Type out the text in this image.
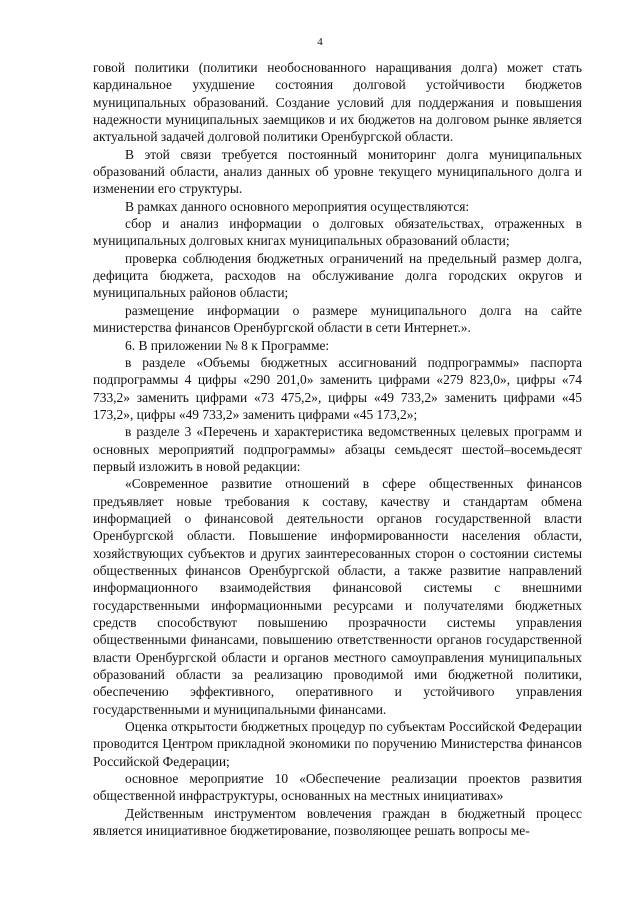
4

говой политики (политики необоснованного наращивания долга) может стать кардинальное ухудшение состояния долговой устойчивости бюджетов муниципальных образований. Создание условий для поддержания и повышения надежности муниципальных заемщиков и их бюджетов на долговом рынке является актуальной задачей долговой политики Оренбургской области.

В этой связи требуется постоянный мониторинг долга муниципальных образований области, анализ данных об уровне текущего муниципального долга и изменении его структуры.

В рамках данного основного мероприятия осуществляются:

сбор и анализ информации о долговых обязательствах, отраженных в муниципальных долговых книгах муниципальных образований области;

проверка соблюдения бюджетных ограничений на предельный размер долга, дефицита бюджета, расходов на обслуживание долга городских округов и муниципальных районов области;

размещение информации о размере муниципального долга на сайте министерства финансов Оренбургской области в сети Интернет.».

6. В приложении № 8 к Программе:

в разделе «Объемы бюджетных ассигнований подпрограммы» паспорта подпрограммы 4 цифры «290 201,0» заменить цифрами «279 823,0», цифры «74 733,2» заменить цифрами «73 475,2», цифры «49 733,2» заменить цифрами «45 173,2», цифры «49 733,2» заменить цифрами «45 173,2»;

в разделе 3 «Перечень и характеристика ведомственных целевых программ и основных мероприятий подпрограммы» абзацы семьдесят шестой–восемьдесят первый изложить в новой редакции:

«Современное развитие отношений в сфере общественных финансов предъявляет новые требования к составу, качеству и стандартам обмена информацией о финансовой деятельности органов государственной власти Оренбургской области. Повышение информированности населения области, хозяйствующих субъектов и других заинтересованных сторон о состоянии системы общественных финансов Оренбургской области, а также развитие направлений информационного взаимодействия финансовой системы с внешними государственными информационными ресурсами и получателями бюджетных средств способствуют повышению прозрачности системы управления общественными финансами, повышению ответственности органов государственной власти Оренбургской области и органов местного самоуправления муниципальных образований области за реализацию проводимой ими бюджетной политики, обеспечению эффективного, оперативного и устойчивого управления государственными и муниципальными финансами.

Оценка открытости бюджетных процедур по субъектам Российской Федерации проводится Центром прикладной экономики по поручению Министерства финансов Российской Федерации;

основное мероприятие 10 «Обеспечение реализации проектов развития общественной инфраструктуры, основанных на местных инициативах»

Действенным инструментом вовлечения граждан в бюджетный процесс является инициативное бюджетирование, позволяющее решать вопросы ме-
